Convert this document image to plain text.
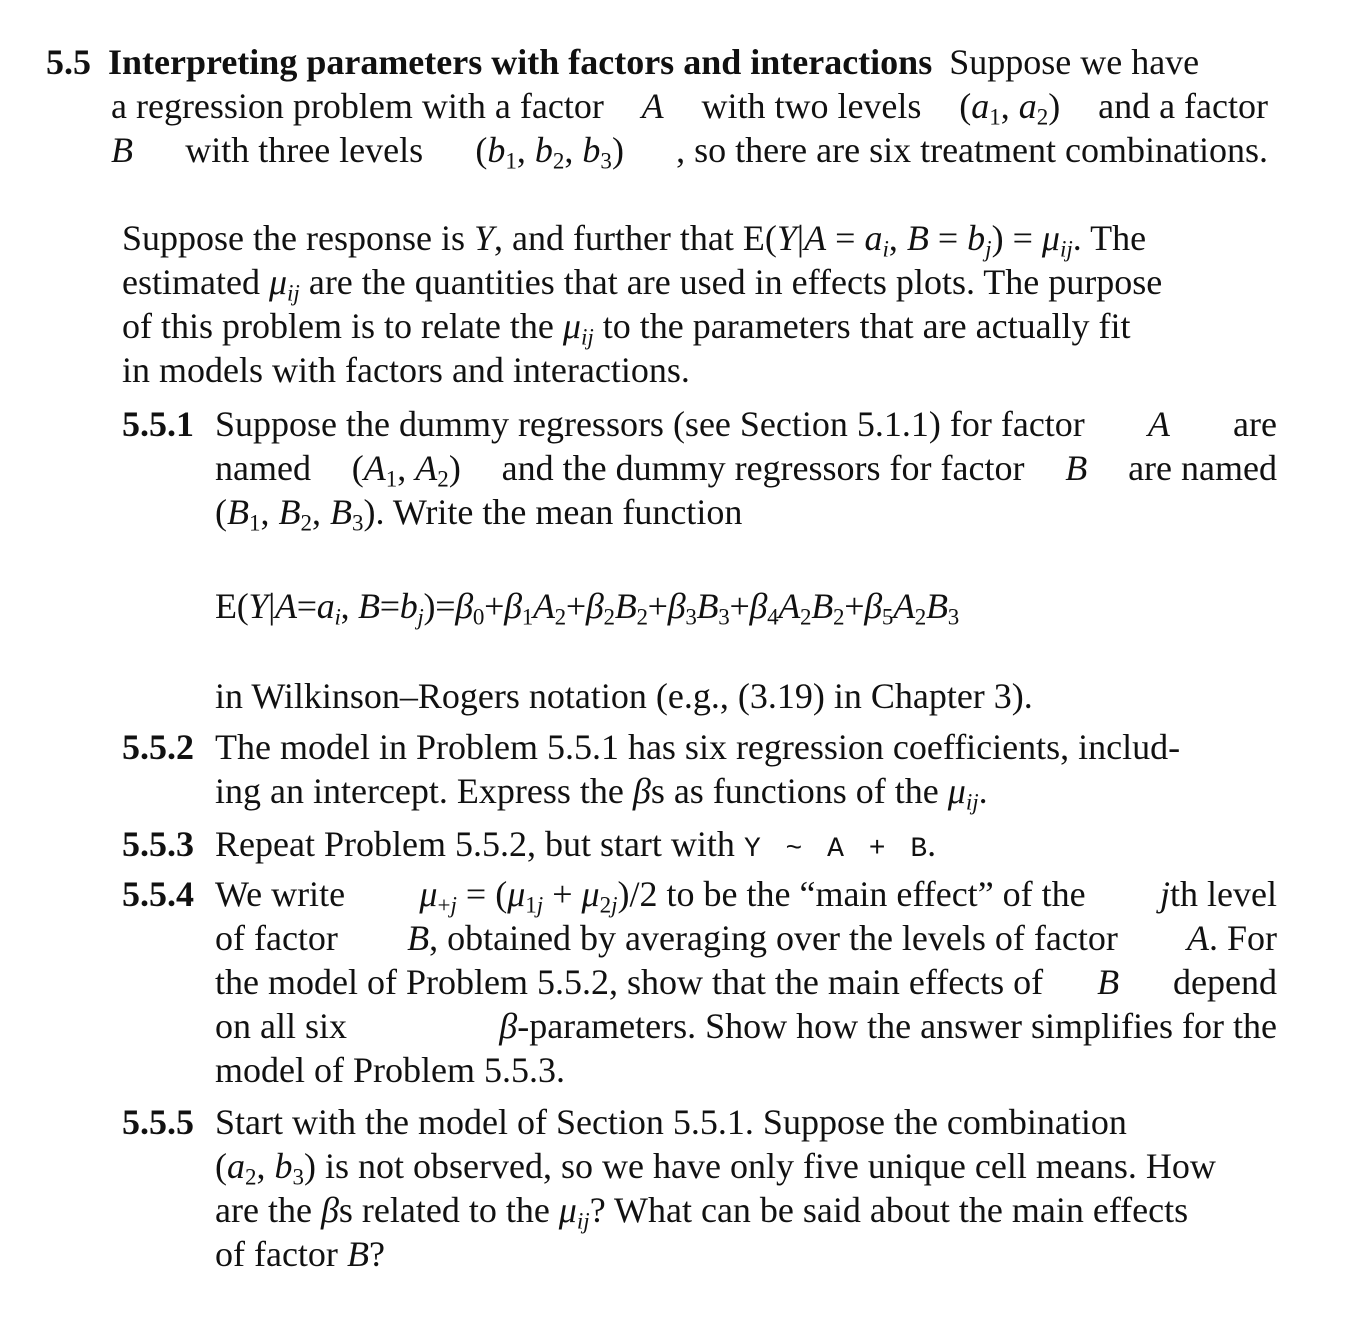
5.5 Interpreting parameters with factors and interactions Suppose we have
a regression problem with a factor A with two levels ($a_1$, $a_2$) and a factor
B with three levels ($b_1$, $b_2$, $b_3$) , so there are six treatment combinations.
Suppose the response is Y, and further that $E(Y|A = a_i$, $B = b_j) = \mu_{ij}$. The
estimated $\mu_{ij}$ are the quantities that are used in effects plots. The purpose
of this problem is to relate the $\mu_{ij}$ to the parameters that are actually fit
in models with factors and interactions.
5.5.1 Suppose the dummy regressors (see Section 5.1.1) for factor A are
named ($A_1$, $A_2$) and the dummy regressors for factor B are named
($B_1$, $B_2$, $B_3$). Write the mean function
$E(Y|A=a_i$, $B=b_j)=\beta_0+\beta_1A_2+\beta_2B_2+\beta_3B_3+\beta_4A_2B_2+\beta_5A_2B_3$
in Wilkinson–Rogers notation (e.g., (3.19) in Chapter 3).
5.5.2 The model in Problem 5.5.1 has six regression coefficients, includ-
ing an intercept. Express the βs as functions of the $\mu_{ij}$.
5.5.3 Repeat Problem 5.5.2, but start with Y ~ A + B.
5.5.4 We write $\mu_{+j} = (\mu_{1j} + \mu_{2j})/2$ to be the “main effect” of the jth level
of factor B, obtained by averaging over the levels of factor A. For
the model of Problem 5.5.2, show that the main effects of B depend
on all six	β-parameters. Show how the answer simplifies for the
model of Problem 5.5.3.
5.5.5 Start with the model of Section 5.5.1. Suppose the combination
($a_2$, $b_3$) is not observed, so we have only five unique cell means. How
are the βs related to the $\mu_{ij}$? What can be said about the main effects
of factor B?
